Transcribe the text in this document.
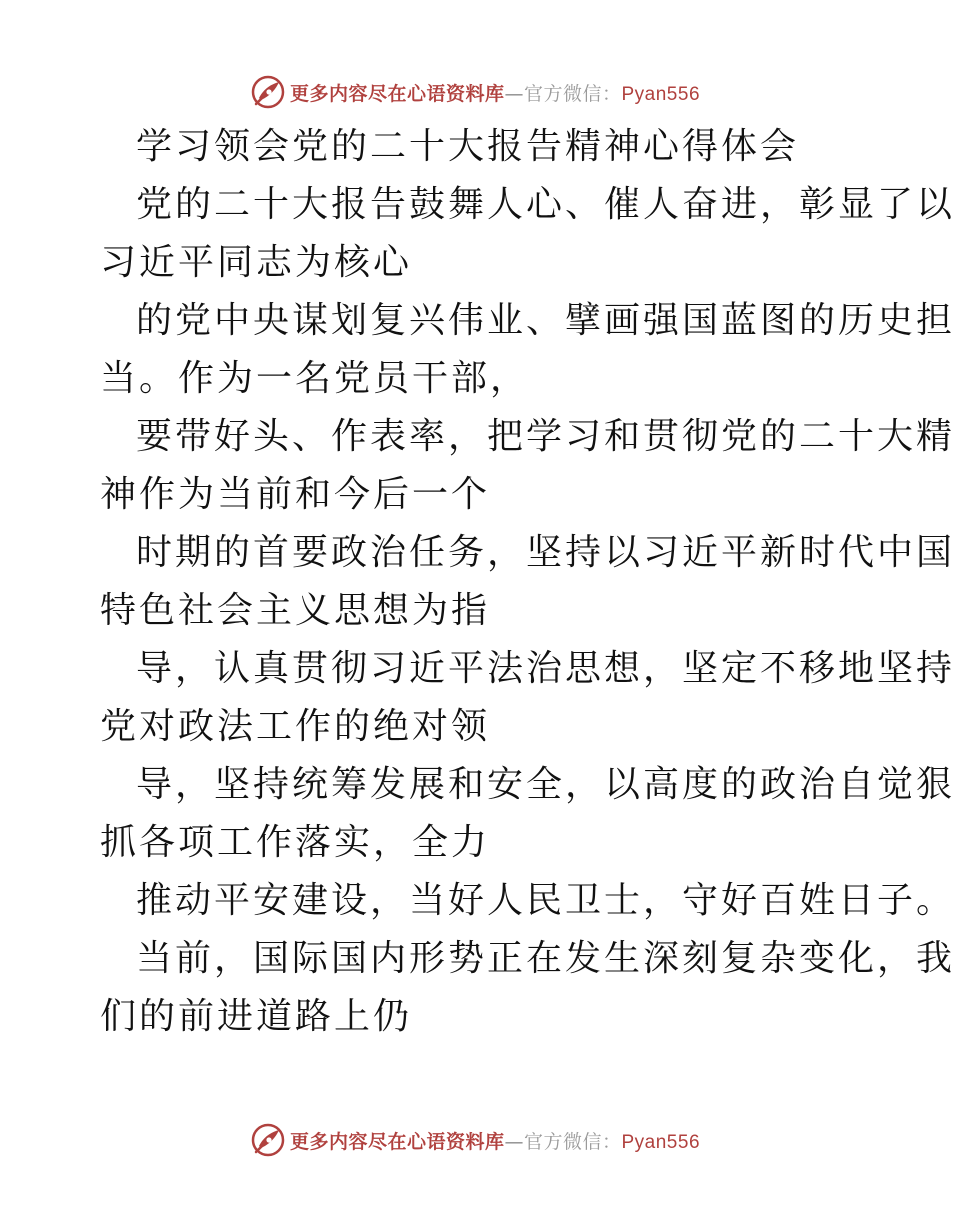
更多内容尽在心语资料库—官方微信：Pyan556
学习领会党的二十大报告精神心得体会
党的二十大报告鼓舞人心、催人奋进，彰显了以
习近平同志为核心
的党中央谋划复兴伟业、擘画强国蓝图的历史担
当。作为一名党员干部，
要带好头、作表率，把学习和贯彻党的二十大精
神作为当前和今后一个
时期的首要政治任务，坚持以习近平新时代中国
特色社会主义思想为指
导，认真贯彻习近平法治思想，坚定不移地坚持
党对政法工作的绝对领
导，坚持统筹发展和安全，以高度的政治自觉狠
抓各项工作落实，全力
推动平安建设，当好人民卫士，守好百姓日子。
当前，国际国内形势正在发生深刻复杂变化，我
们的前进道路上仍
更多内容尽在心语资料库—官方微信：Pyan556
